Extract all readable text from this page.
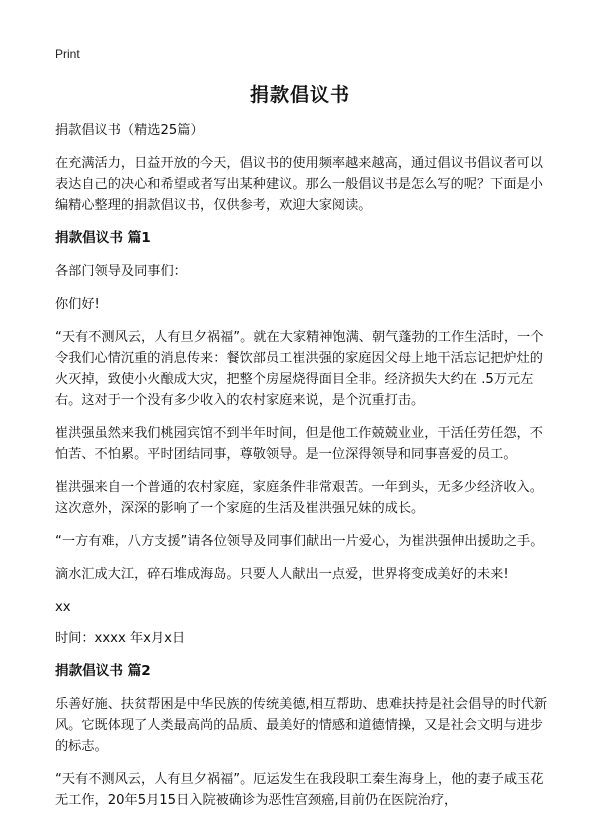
Print
捐款倡议书

捐款倡议书（精选25篇）

在充满活力，日益开放的今天，倡议书的使用频率越来越高，通过倡议书倡议者可以表达自己的决心和希望或者写出某种建议。那么一般倡议书是怎么写的呢？下面是小编精心整理的捐款倡议书，仅供参考，欢迎大家阅读。

捐款倡议书 篇1

各部门领导及同事们：

你们好!

“天有不测风云，人有旦夕祸福”。就在大家精神饱满、朝气蓬勃的工作生活时，一个令我们心情沉重的消息传来：餐饮部员工崔洪强的家庭因父母上地干活忘记把炉灶的火灭掉，致使小火酿成大灾，把整个房屋烧得面目全非。经济损失大约在 .5万元左右。这对于一个没有多少收入的农村家庭来说，是个沉重打击。

崔洪强虽然来我们桃园宾馆不到半年时间，但是他工作兢兢业业，干活任劳任怨，不怕苦、不怕累。平时团结同事，尊敬领导。是一位深得领导和同事喜爱的员工。

崔洪强来自一个普通的农村家庭，家庭条件非常艰苦。一年到头，无多少经济收入。这次意外，深深的影响了一个家庭的生活及崔洪强兄妹的成长。

“一方有难，八方支援”请各位领导及同事们献出一片爱心，为崔洪强伸出援助之手。

滴水汇成大江，碎石堆成海岛。只要人人献出一点爱，世界将变成美好的未来!

xx

时间：xxxx 年x月x日

捐款倡议书 篇2

乐善好施、扶贫帮困是中华民族的传统美德,相互帮助、患难扶持是社会倡导的时代新风。它既体现了人类最高尚的品质、最美好的情感和道德情操，又是社会文明与进步的标志。

“天有不测风云，人有旦夕祸福”。厄运发生在我段职工秦生海身上，他的妻子咸玉花无工作，20年5月15日入院被确诊为恶性宫颈癌,目前仍在医院治疗，
